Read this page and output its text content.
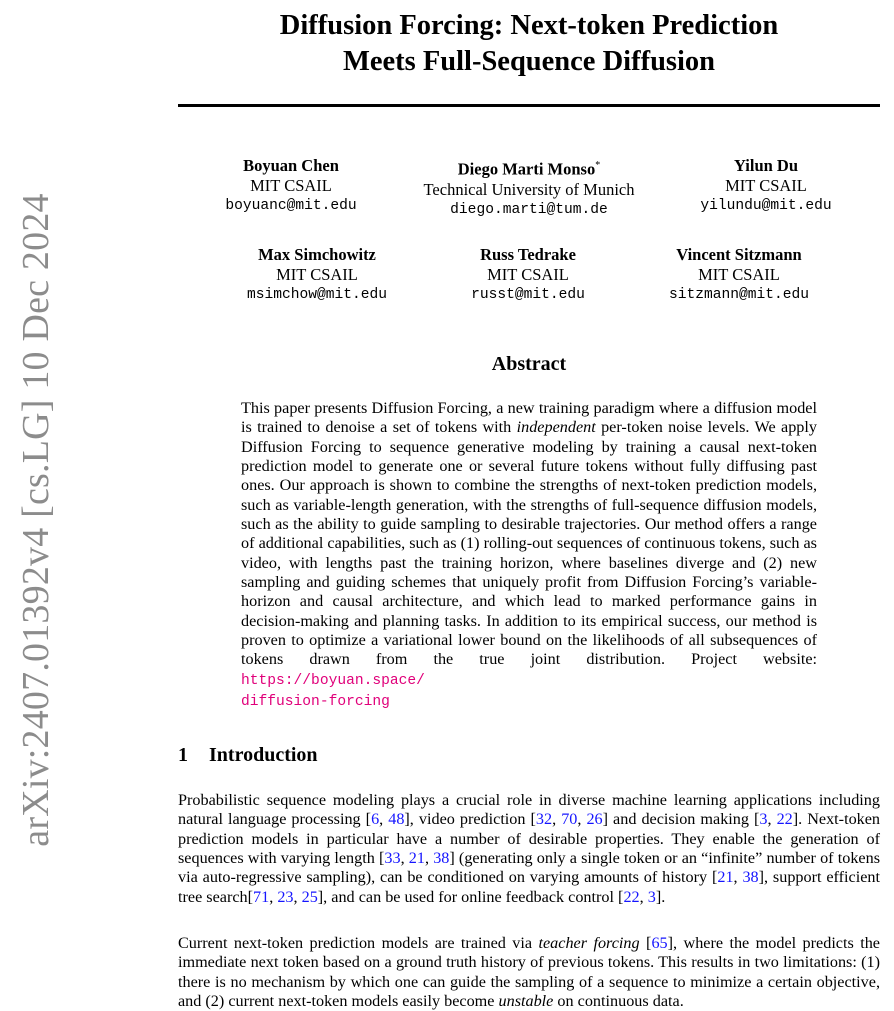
arXiv:2407.01392v4 [cs.LG] 10 Dec 2024
Diffusion Forcing: Next-token Prediction
Meets Full-Sequence Diffusion
Boyuan Chen
MIT CSAIL
boyuanc@mit.edu
Diego Marti Monso*
Technical University of Munich
diego.marti@tum.de
Yilun Du
MIT CSAIL
yilundu@mit.edu
Max Simchowitz
MIT CSAIL
msimchow@mit.edu
Russ Tedrake
MIT CSAIL
russt@mit.edu
Vincent Sitzmann
MIT CSAIL
sitzmann@mit.edu
Abstract
This paper presents Diffusion Forcing, a new training paradigm where a diffusion model is trained to denoise a set of tokens with independent per-token noise levels. We apply Diffusion Forcing to sequence generative modeling by training a causal next-token prediction model to generate one or several future tokens without fully diffusing past ones. Our approach is shown to combine the strengths of next-token prediction models, such as variable-length generation, with the strengths of full-sequence diffusion models, such as the ability to guide sampling to desirable trajectories. Our method offers a range of additional capabilities, such as (1) rolling-out sequences of continuous tokens, such as video, with lengths past the training horizon, where baselines diverge and (2) new sampling and guiding schemes that uniquely profit from Diffusion Forcing’s variable-horizon and causal architecture, and which lead to marked performance gains in decision-making and planning tasks. In addition to its empirical success, our method is proven to optimize a variational lower bound on the likelihoods of all subsequences of tokens drawn from the true joint distribution. Project website: https://boyuan.space/
diffusion-forcing
1 Introduction

Probabilistic sequence modeling plays a crucial role in diverse machine learning applications including natural language processing [6, 48], video prediction [32, 70, 26] and decision making [3, 22]. Next-token prediction models in particular have a number of desirable properties. They enable the generation of sequences with varying length [33, 21, 38] (generating only a single token or an “infinite” number of tokens via auto-regressive sampling), can be conditioned on varying amounts of history [21, 38], support efficient tree search[71, 23, 25], and can be used for online feedback control [22, 3].

Current next-token prediction models are trained via teacher forcing [65], where the model predicts the immediate next token based on a ground truth history of previous tokens. This results in two limitations: (1) there is no mechanism by which one can guide the sampling of a sequence to minimize a certain objective, and (2) current next-token models easily become unstable on continuous data.
